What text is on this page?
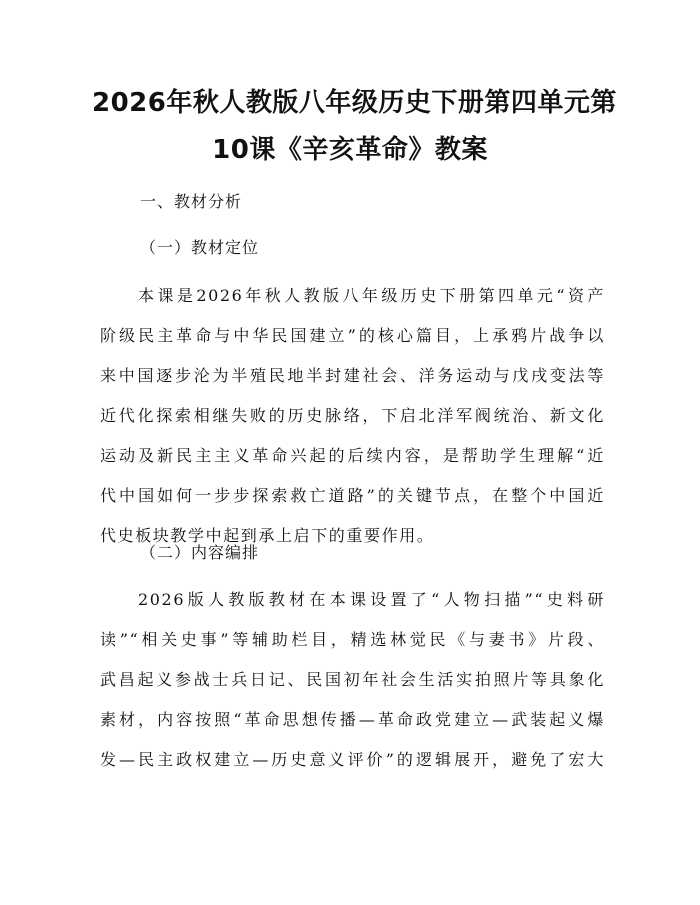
2026年秋人教版八年级历史下册第四单元第
10课《辛亥革命》教案
一、教材分析
（一）教材定位
本课是2026年秋人教版八年级历史下册第四单元“资产
阶级民主革命与中华民国建立”的核心篇目，上承鸦片战争以
来中国逐步沦为半殖民地半封建社会、洋务运动与戊戌变法等
近代化探索相继失败的历史脉络，下启北洋军阀统治、新文化
运动及新民主主义革命兴起的后续内容，是帮助学生理解“近
代中国如何一步步探索救亡道路”的关键节点，在整个中国近
代史板块教学中起到承上启下的重要作用。
（二）内容编排
2026版人教版教材在本课设置了“人物扫描”“史料研
读”“相关史事”等辅助栏目，精选林觉民《与妻书》片段、
武昌起义参战士兵日记、民国初年社会生活实拍照片等具象化
素材，内容按照“革命思想传播—革命政党建立—武装起义爆
发—民主政权建立—历史意义评价”的逻辑展开，避免了宏大
